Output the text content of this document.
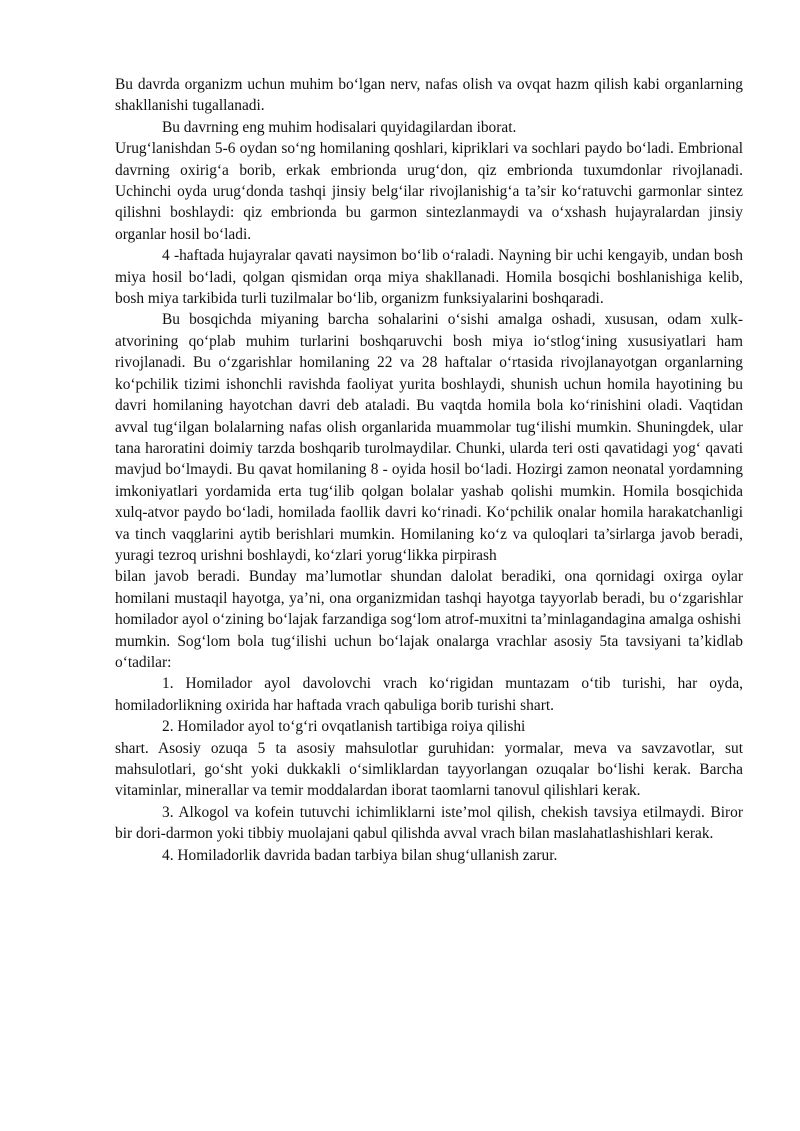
Bu davrda organizm uchun muhim bo‘lgan nerv, nafas olish va ovqat hazm qilish kabi organlarning shakllanishi tugallanadi.

Bu davrning eng muhim hodisalari quyidagilardan iborat.

Urug‘lanishdan 5-6 oydan so‘ng homilaning qoshlari, kipriklari va sochlari paydo bo‘ladi. Embrional davrning oxirig‘a borib, erkak embrionda urug‘don, qiz embrionda tuxumdonlar rivojlanadi. Uchinchi oyda urug‘donda tashqi jinsiy belg‘ilar rivojlanishig‘a ta’sir ko‘ratuvchi garmonlar sintez qilishni boshlaydi: qiz embrionda bu garmon sintezlanmaydi va o‘xshash hujayralardan jinsiy organlar hosil bo‘ladi.

4 -haftada hujayralar qavati naysimon bo‘lib o‘raladi. Nayning bir uchi kengayib, undan bosh miya hosil bo‘ladi, qolgan qismidan orqa miya shakllanadi. Homila bosqichi boshlanishiga kelib, bosh miya tarkibida turli tuzilmalar bo‘lib, organizm funksiyalarini boshqaradi.

Bu bosqichda miyaning barcha sohalarini o‘sishi amalga oshadi, xususan, odam xulk-atvorining qo‘plab muhim turlarini boshqaruvchi bosh miya io‘stlog‘ining xususiyatlari ham rivojlanadi. Bu o‘zgarishlar homilaning 22 va 28 haftalar o‘rtasida rivojlanayotgan organlarning ko‘pchilik tizimi ishonchli ravishda faoliyat yurita boshlaydi, shunish uchun homila hayotining bu davri homilaning hayotchan davri deb ataladi. Bu vaqtda homila bola ko‘rinishini oladi. Vaqtidan avval tug‘ilgan bolalarning nafas olish organlarida muammolar tug‘ilishi mumkin. Shuningdek, ular tana haroratini doimiy tarzda boshqarib turolmaydilar. Chunki, ularda teri osti qavatidagi yog‘ qavati mavjud bo‘lmaydi. Bu qavat homilaning 8 - oyida hosil bo‘ladi. Hozirgi zamon neonatal yordamning imkoniyatlari yordamida erta tug‘ilib qolgan bolalar yashab qolishi mumkin. Homila bosqichida xulq-atvor paydo bo‘ladi, homilada faollik davri ko‘rinadi. Ko‘pchilik onalar homila harakatchanligi va tinch vaqglarini aytib berishlari mumkin. Homilaning ko‘z va quloqlari ta’sirlarga javob beradi, yuragi tezroq urishni boshlaydi, ko‘zlari yorug‘likka pirpirash

bilan javob beradi. Bunday ma’lumotlar shundan dalolat beradiki, ona qornidagi oxirga oylar homilani mustaqil hayotga, ya’ni, ona organizmidan tashqi hayotga tayyorlab beradi, bu o‘zgarishlar homilador ayol o‘zining bo‘lajak farzandiga sog‘lom atrof-muxitni ta’minlagandagina amalga oshishi

mumkin. Sog‘lom bola tug‘ilishi uchun bo‘lajak onalarga vrachlar asosiy 5ta tavsiyani ta’kidlab o‘tadilar:

1. Homilador ayol davolovchi vrach ko‘rigidan muntazam o‘tib turishi, har oyda, homiladorlikning oxirida har haftada vrach qabuliga borib turishi shart.

2. Homilador ayol to‘g‘ri ovqatlanish tartibiga roiya qilishi

shart. Asosiy ozuqa 5 ta asosiy mahsulotlar guruhidan: yormalar, meva va savzavotlar, sut mahsulotlari, go‘sht yoki dukkakli o‘simliklardan tayyorlangan ozuqalar bo‘lishi kerak. Barcha vitaminlar, minerallar va temir moddalardan iborat taomlarni tanovul qilishlari kerak.

3. Alkogol va kofein tutuvchi ichimliklarni iste’mol qilish, chekish tavsiya etilmaydi. Biror bir dori-darmon yoki tibbiy muolajani qabul qilishda avval vrach bilan maslahatlashishlari kerak.

4. Homiladorlik davrida badan tarbiya bilan shug‘ullanish zarur.
